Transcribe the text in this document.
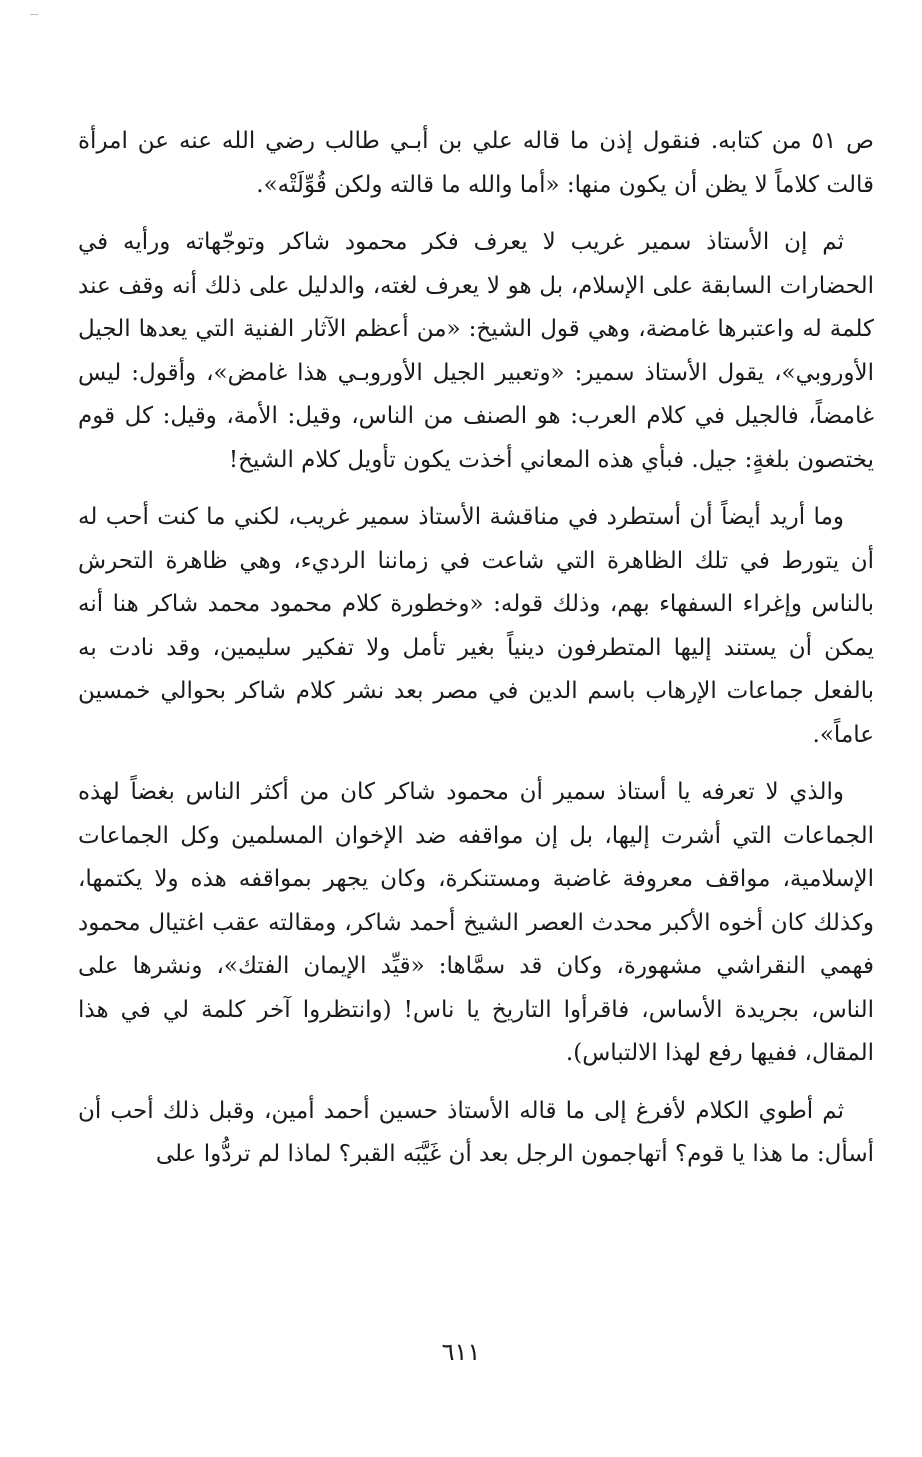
ص ٥١ من كتابه. فنقول إذن ما قاله علي بن أبـي طالب رضي الله عنه عن امرأة قالت كلاماً لا يظن أن يكون منها: «أما والله ما قالته ولكن قُوِّلَتْه».

ثم إن الأستاذ سمير غريب لا يعرف فكر محمود شاكر وتوجّهاته ورأيه في الحضارات السابقة على الإسلام، بل هو لا يعرف لغته، والدليل على ذلك أنه وقف عند كلمة له واعتبرها غامضة، وهي قول الشيخ: «من أعظم الآثار الفنية التي يعدها الجيل الأوروبي»، يقول الأستاذ سمير: «وتعبير الجيل الأوروبـي هذا غامض»، وأقول: ليس غامضاً، فالجيل في كلام العرب: هو الصنف من الناس، وقيل: الأمة، وقيل: كل قوم يختصون بلغةٍ: جيل. فبأي هذه المعاني أخذت يكون تأويل كلام الشيخ!

وما أريد أيضاً أن أستطرد في مناقشة الأستاذ سمير غريب، لكني ما كنت أحب له أن يتورط في تلك الظاهرة التي شاعت في زماننا الرديء، وهي ظاهرة التحرش بالناس وإغراء السفهاء بهم، وذلك قوله: «وخطورة كلام محمود محمد شاكر هنا أنه يمكن أن يستند إليها المتطرفون دينياً بغير تأمل ولا تفكير سليمين، وقد نادت به بالفعل جماعات الإرهاب باسم الدين في مصر بعد نشر كلام شاكر بحوالي خمسين عاماً».

والذي لا تعرفه يا أستاذ سمير أن محمود شاكر كان من أكثر الناس بغضاً لهذه الجماعات التي أشرت إليها، بل إن مواقفه ضد الإخوان المسلمين وكل الجماعات الإسلامية، مواقف معروفة غاضبة ومستنكرة، وكان يجهر بمواقفه هذه ولا يكتمها، وكذلك كان أخوه الأكبر محدث العصر الشيخ أحمد شاكر، ومقالته عقب اغتيال محمود فهمي النقراشي مشهورة، وكان قد سمَّاها: «قيِّد الإيمان الفتك»، ونشرها على الناس، بجريدة الأساس، فاقرأوا التاريخ يا ناس! (وانتظروا آخر كلمة لي في هذا المقال، ففيها رفع لهذا الالتباس).

ثم أطوي الكلام لأفرغ إلى ما قاله الأستاذ حسين أحمد أمين، وقبل ذلك أحب أن أسأل: ما هذا يا قوم؟ أتهاجمون الرجل بعد أن غَيَّبَه القبر؟ لماذا لم تردُّوا على

٦١١
